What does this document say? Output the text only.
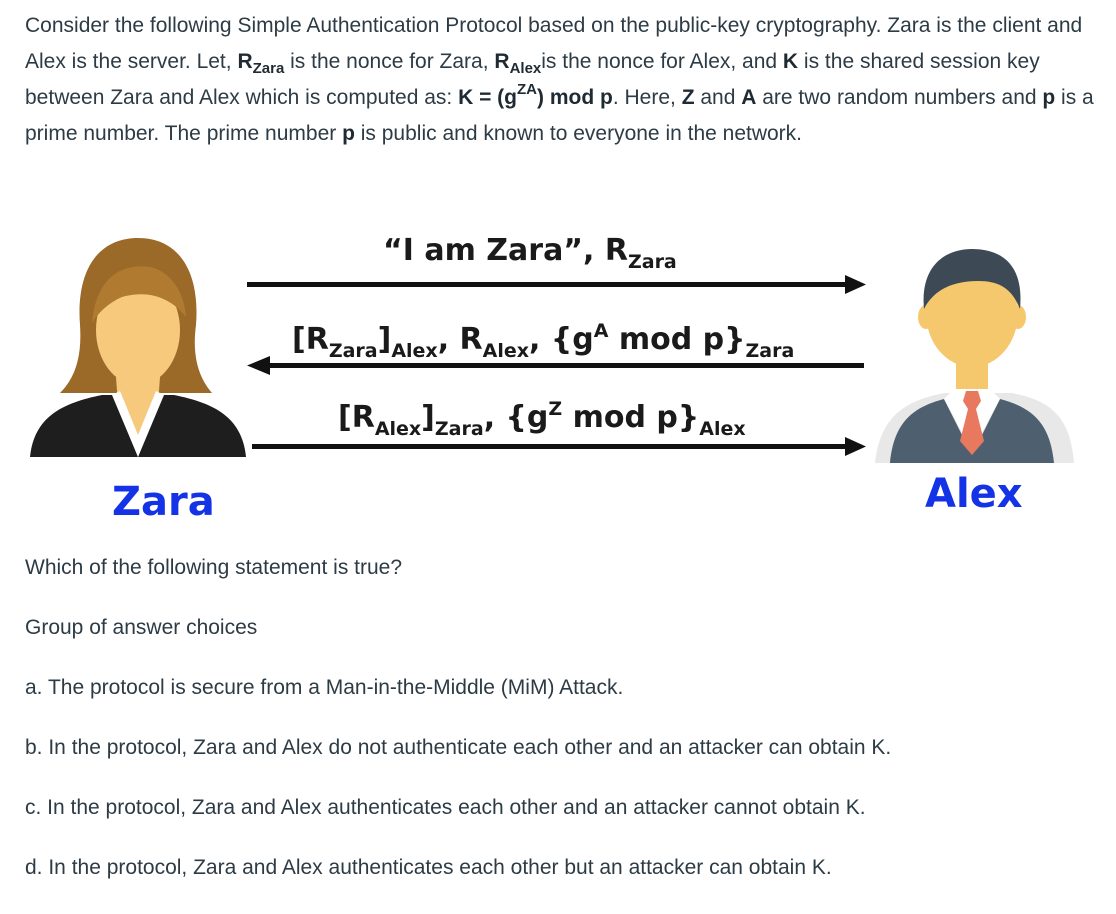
Consider the following Simple Authentication Protocol based on the public-key cryptography. Zara is the client and Alex is the server. Let, $R_{Zara}$ is the nonce for Zara, $R_{Alex}is$ the nonce for Alex, and K is the shared session key between Zara and Alex which is computed as: $K = (g^{ZA})$ mod p. Here, Z and A are two random numbers and p is a prime number. The prime number p is public and known to everyone in the network.

“I am Zara”, $R_{Zara}$
$[R_{Zara}]_{Alex}$, $R_{Alex}$, {$g^A$ mod $p\}_{Zara}$
$[R_{Alex}]_{Zara}$, {$g^Z$ mod $p\}_{Alex}$
Zara	Alex

Which of the following statement is true?

Group of answer choices

a. The protocol is secure from a Man-in-the-Middle (MiM) Attack.

b. In the protocol, Zara and Alex do not authenticate each other and an attacker can obtain K.

c. In the protocol, Zara and Alex authenticates each other and an attacker cannot obtain K.

d. In the protocol, Zara and Alex authenticates each other but an attacker can obtain K.
